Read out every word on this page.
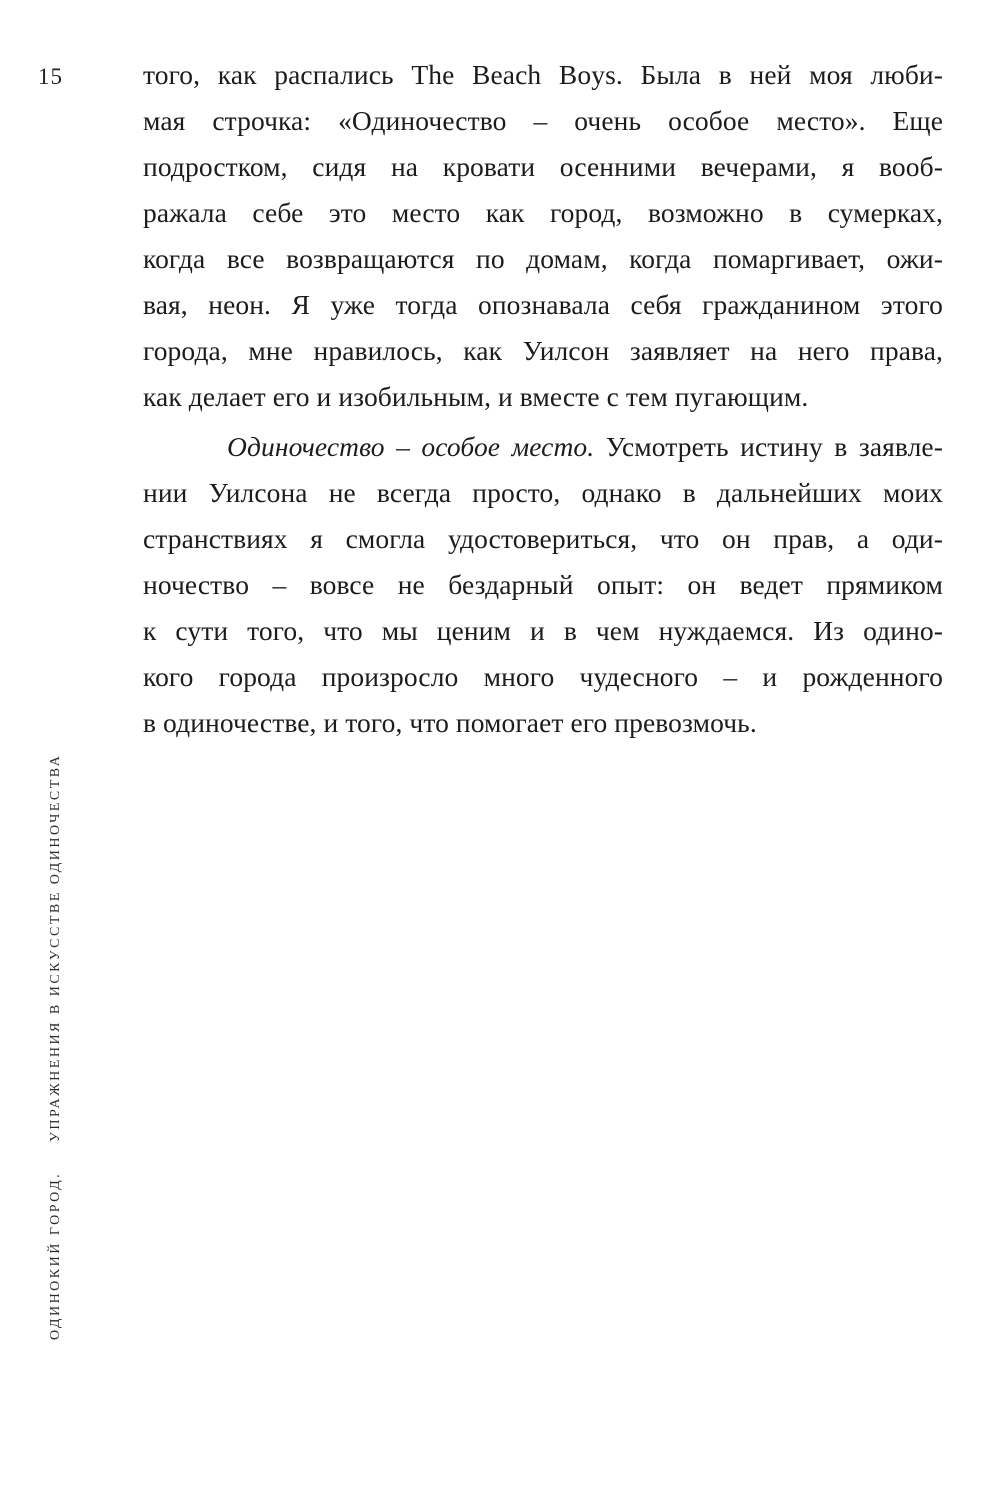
15	того, как распались The Beach Boys. Была в ней моя люби-
мая строчка: «Одиночество – очень особое место». Еще
подростком, сидя на кровати осенними вечерами, я вооб-
ражала себе это место как город, возможно в сумерках,
когда все возвращаются по домам, когда помаргивает, ожи-
вая, неон. Я уже тогда опознавала себя гражданином этого
города, мне нравилось, как Уилсон заявляет на него права,
как делает его и изобильным, и вместе с тем пугающим.
Одиночество – особое место. Усмотреть истину в заявле-
нии Уилсона не всегда просто, однако в дальнейших моих
странствиях я смогла удостовериться, что он прав, а оди-
ночество – вовсе не бездарный опыт: он ведет прямиком
к сути того, что мы ценим и в чем нуждаемся. Из одино-
кого города произросло много чудесного – и рожденного
в одиночестве, и того, что помогает его превозмочь.
ОДИНОКИЙ ГОРОД.УПРАЖНЕНИЯ В ИСКУССТВЕ ОДИНОЧЕСТВА
